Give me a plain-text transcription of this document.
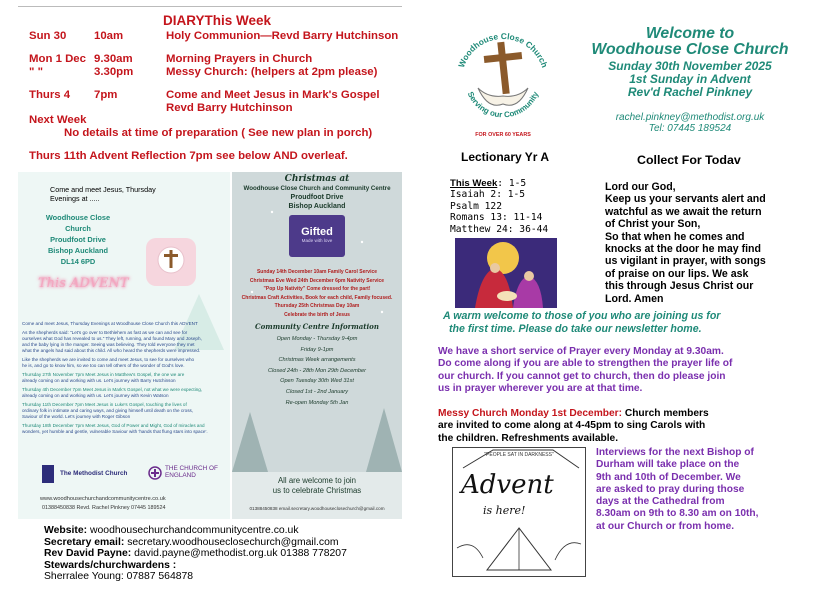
DIARYThis Week
Sun 30 10am	Holy Communion—Revd Barry Hutchinson
Mon 1 Dec 9.30am	Morning Prayers in Church
" "	3.30pm	Messy Church: (helpers at 2pm please)
Thurs 4 7pm	Come and Meet Jesus in Mark's Gospel
Revd Barry Hutchinson
Next Week
No details at time of preparation ( See new plan in porch)
Thurs 11th Advent Reflection 7pm see below AND overleaf.
Come and meet Jesus, Thursday Evenings at .....
Woodhouse Close
Church
Proudfoot Drive
Bishop Auckland
DL14 6PD
This ADVENT
Come and meet Jesus, Thursday Evenings at Woodhouse Close Church this ADVENT
As the shepherds said: "Let's go over to Bethlehem as fast as we can and see for
ourselves what God has revealed to us." They left, running, and found Mary and Joseph,
and the baby lying in the manger. Seeing was believing. They told everyone they met
what the angels had said about this child. All who heard the shepherds were impressed.
Like the shepherds we are invited to come and meet Jesus, to see for ourselves who
he is, and go to know him, so we too can tell others of the wonder of God's love.
Thursday 27th November 7pm Meet Jesus in Matthew's Gospel, the one we are
already coming on and working with us. Let's journey with Barry Hutchinson
Thursday 4th December 7pm Meet Jesus in Mark's Gospel, not what we were expecting,
already coming on and working with us. Let's journey with Kevin Watson
Thursday 11th December 7pm Meet Jesus in Luke's Gospel, touching the lives of
ordinary folk in intimate and caring ways, and giving himself until death on the cross,
Saviour of the world. Let's journey with Roger Gibson
Thursday 18th December 7pm Meet Jesus, God of Power and Might, God of miracles and
wonders, yet humble and gentle, vulnerable Saviour with 'hands that flung stars into space'.
The Methodist Church
THE CHURCH OF ENGLAND
www.woodhousechurchandcommunitycentre.co.uk
01388450838 Revd. Rachel Pinkney 07445 189524
Christmas at
Woodhouse Close Church and Community Centre
Proudfoot Drive
Bishop Auckland
Gifted
Made with love
Sunday 14th December 10am Family Carol Service
Christmas Eve Wed 24th December 6pm Nativity Service
"Pop Up Nativity" Come dressed for the part!
Christmas Craft Activities, Book for each child, Family focused.
Thursday 25th Christmas Day 10am
Celebrate the birth of Jesus
Community Centre Information
Open Monday - Thursday 9-4pm
Friday 9-1pm
Christmas Week arrangements
Closed 24th - 28th Mon 29th December
Open Tuesday 30th Wed 31st
Closed 1st - 2nd January
Re-open Monday 5th Jan
All are welcome to join
us to celebrate Christmas
01388450838 email.secretary.woodhouseclosechurch@gmail.com
Website: woodhousechurchandcommunitycentre.co.uk
Secretary email: secretary.woodhouseclosechurch@gmail.com
Rev David Payne: david.payne@methodist.org.uk 01388 778207
Stewards/churchwardens :
Sherralee Young: 07887 564878
Woodhouse Close Church
Serving our Community
FOR OVER 60 YEARS
Welcome to
Woodhouse Close Church
Sunday 30th November 2025
1st Sunday in Advent
Rev'd Rachel Pinkney
rachel.pinkney@methodist.org.uk
Tel: 07445 189524
Lectionary Yr A	Collect For Todav
This Week: 1-5
Isaiah 2: 1-5
Psalm 122
Romans 13: 11-14
Matthew 24: 36-44
Lord our God,
Keep us your servants alert and
watchful as we await the return
of Christ your Son,
So that when he comes and
knocks at the door he may find
us vigilant in prayer, with songs
of praise on our lips. We ask
this through Jesus Christ our
Lord. Amen
A warm welcome to those of you who are joining us for
the first time. Please do take our newsletter home.
We have a short service of Prayer every Monday at 9.30am.
Do come along if you are able to strengthen the prayer life of
our church. If you cannot get to church, then do please join
us in prayer wherever you are at that time.
Messy Church Monday 1st December: Church members
are invited to come along at 4-45pm to sing Carols with
the children. Refreshments available.
"PEOPLE SAT IN DARKNESS"
Advent
is here!
Interviews for the next Bishop of
Durham will take place on the
9th and 10th of December. We
are asked to pray during those
days at the Cathedral from
8.30am on 9th to 8.30 am on 10th,
at our Church or from home.
